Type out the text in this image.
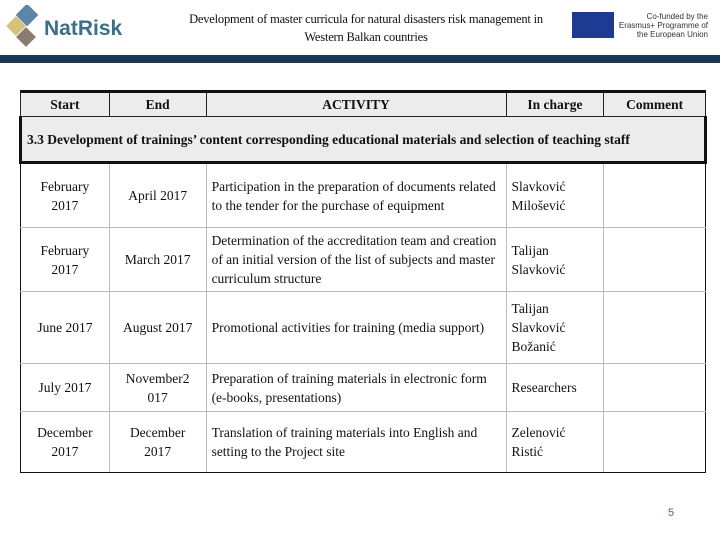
NatRisk	Development of master curricula for natural disasters risk management in
Western Balkan countries
Co-funded by the Erasmus+ Programme of the European Union
Start	End	ACTIVITY	In charge	Comment
3.3 Development of trainings’ content corresponding educational materials and selection of teaching staff				
February 2017	April 2017	Participation in the preparation of documents related to the tender for the purchase of equipment	Slavković Milošević	
February 2017	March 2017	Determination of the accreditation team and creation of an initial version of the list of subjects and master curriculum structure	Talijan Slavković	
June 2017	August 2017	Promotional activities for training (media support)	Talijan Slavković Božanić	
July 2017	November2 017	Preparation of training materials in electronic form (e-books, presentations)	Researchers	
December 2017	December 2017	Translation of training materials into English and setting to the Project site	Zelenović Ristić	
5
